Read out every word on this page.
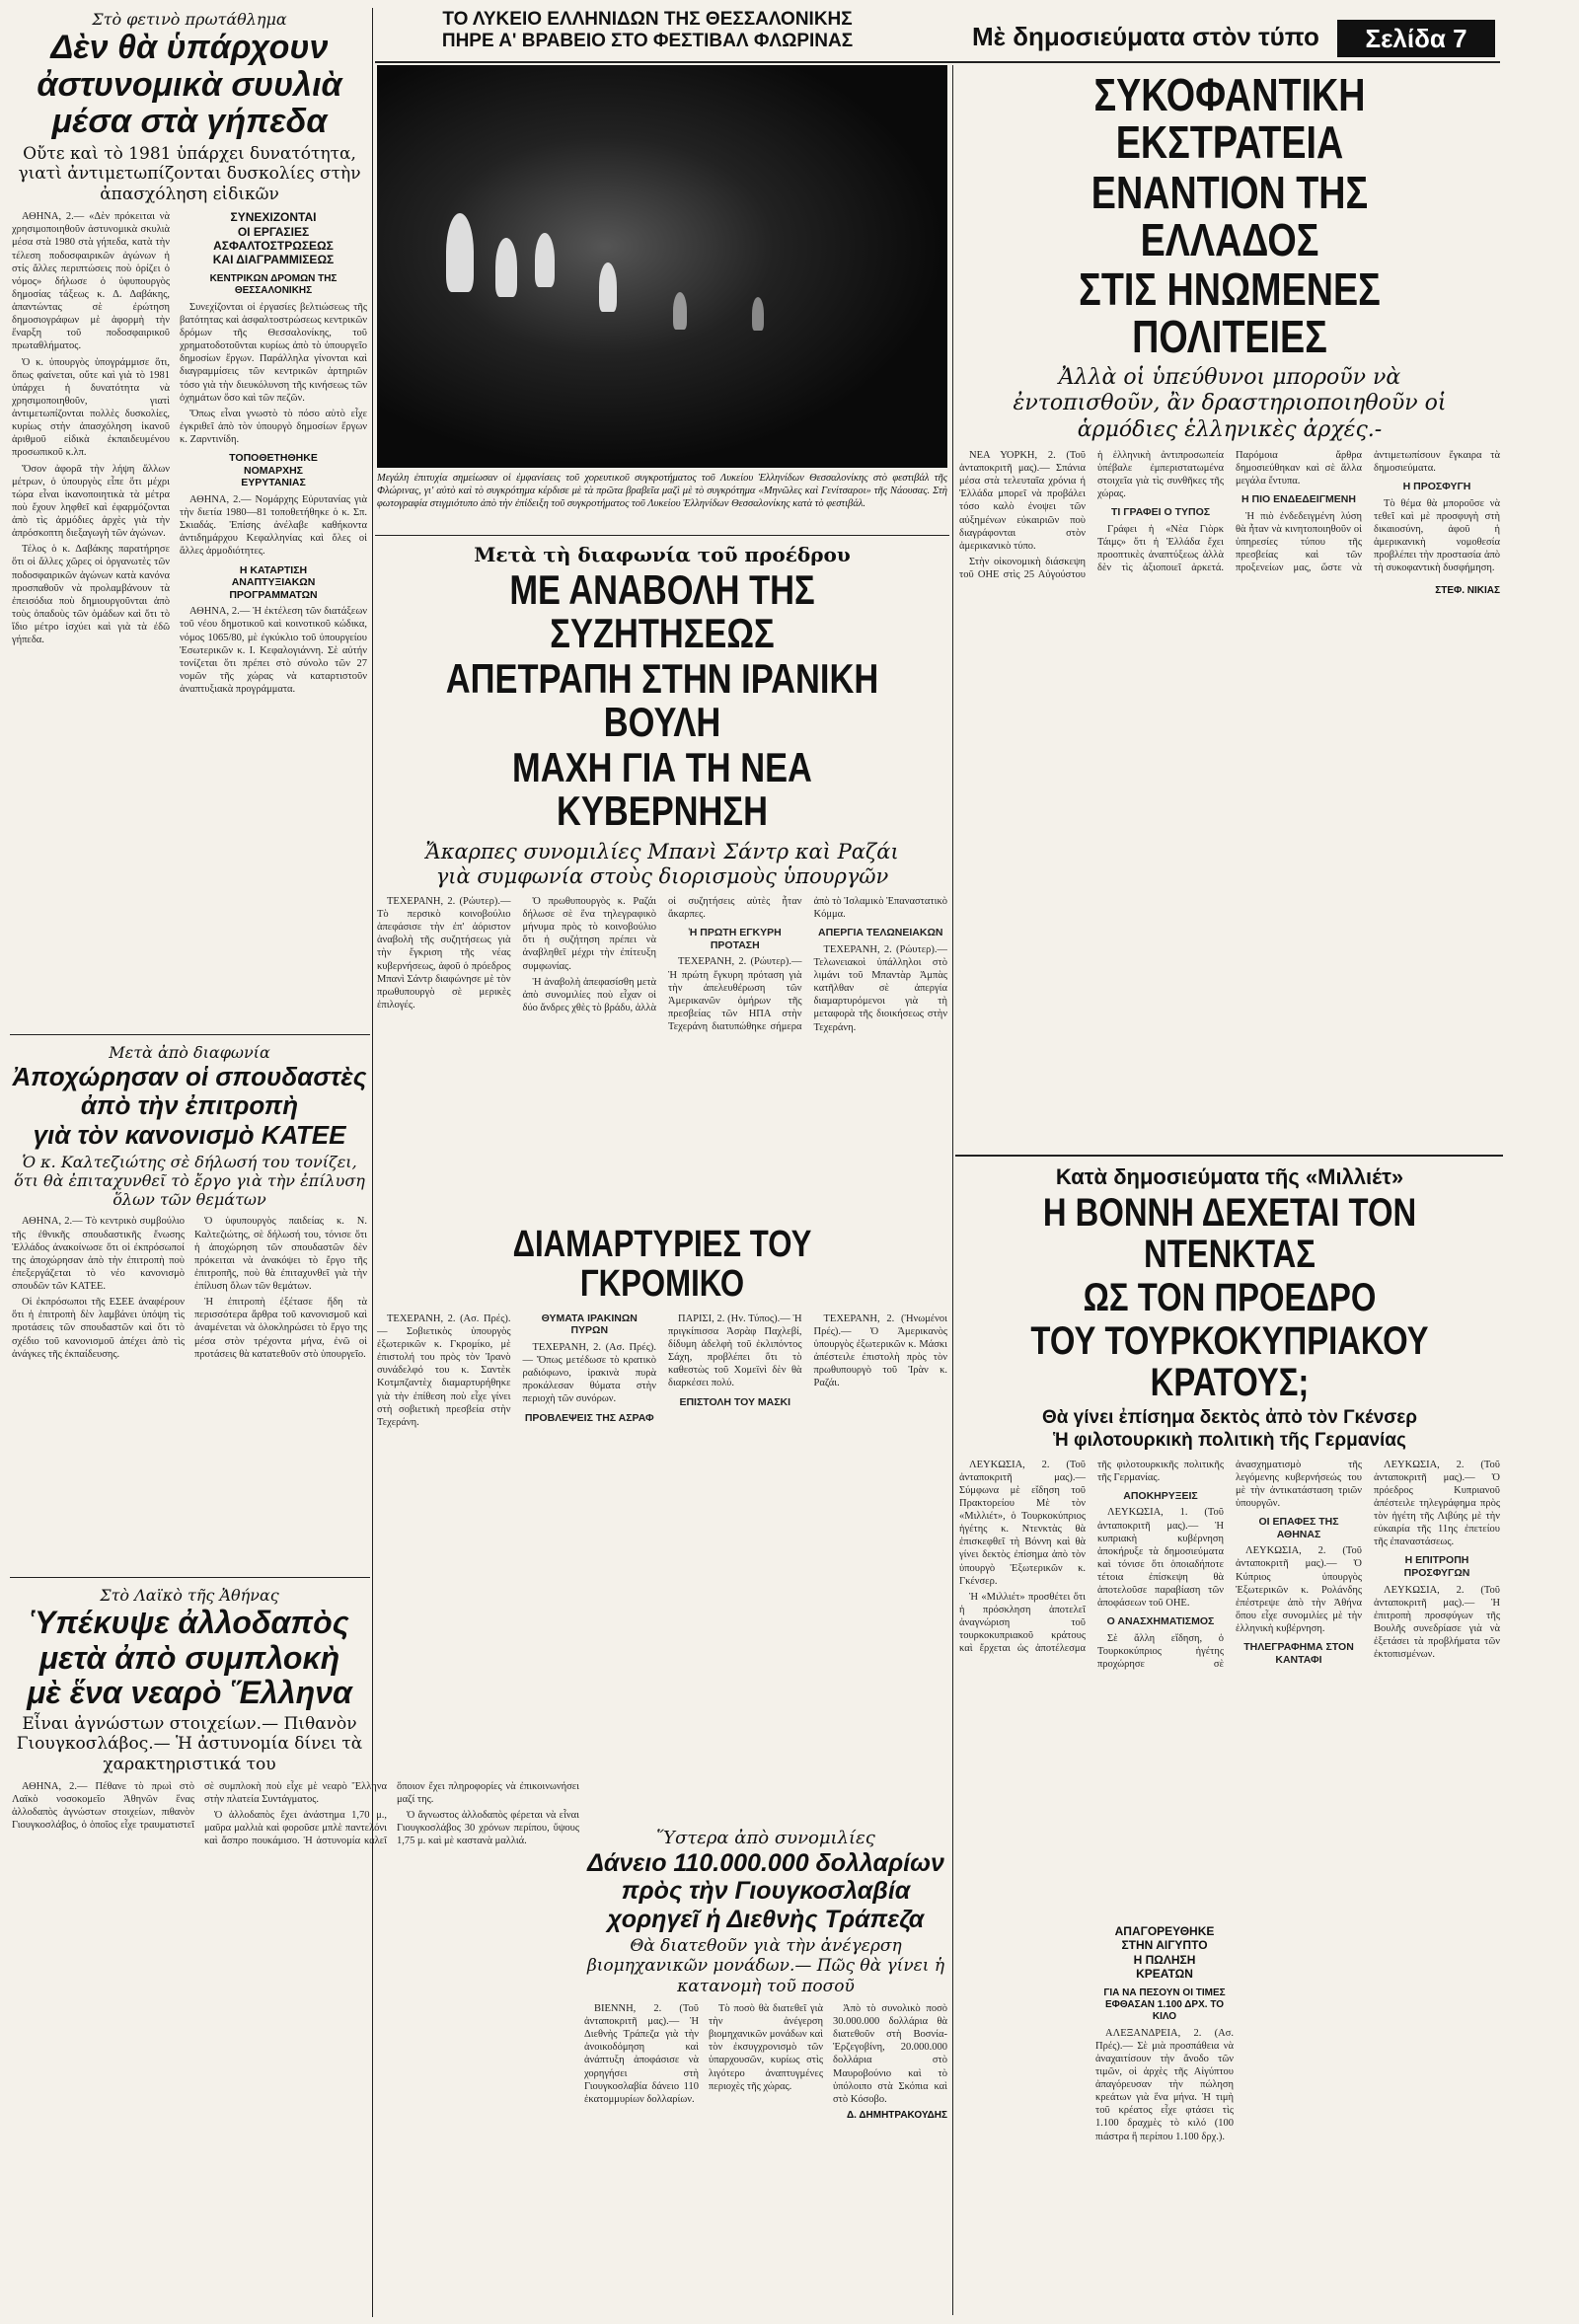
ΤΟ ΛΥΚΕΙΟ ΕΛΛΗΝΙΔΩΝ ΤΗΣ ΘΕΣΣΑΛΟΝΙΚΗΣ
ΠΗΡΕ Α' ΒΡΑΒΕΙΟ ΣΤΟ ΦΕΣΤΙΒΑΛ ΦΛΩΡΙΝΑΣ	Μὲ δημοσιεύματα στὸν τύπο	Σελίδα 7
Στὸ φετινὸ πρωτάθλημα
Δὲν θὰ ὑπάρχουν
ἀστυνομικὰ συυλιὰ
μέσα στὰ γήπεδα
Οὔτε καὶ τὸ 1981 ὑπάρχει δυνατότητα, γιατὶ ἀντιμετωπίζονται δυσκολίες στὴν ἀπασχόληση εἰδικῶν

ΑΘΗΝΑ, 2.— «Δὲν πρόκειται νὰ χρησιμοποιηθοῦν ἀστυνομικὰ σκυλιὰ μέσα στὰ 1980 στὰ γήπεδα, κατὰ τὴν τέλεση ποδοσφαιρικῶν ἀγώνων ἡ στίς ἄλλες περιπτώσεις ποὺ ὁρίζει ὁ νόμος» δήλωσε ὁ ὑφυπουργὸς δημοσίας τάξεως κ. Δ. Δαβάκης, ἀπαντώντας σὲ ἐρώτηση δημοσιογράφων μὲ ἀφορμὴ τὴν ἔναρξη τοῦ ποδοσφαιρικοῦ πρωταθλήματος.

Ὁ κ. ὑπουργὸς ὑπογράμμισε ὅτι, ὅπως φαίνεται, οὔτε καὶ γιὰ τὸ 1981 ὑπάρχει ἡ δυνατότητα νὰ χρησιμοποιηθοῦν, γιατὶ ἀντιμετωπίζονται πολλὲς δυσκολίες, κυρίως στὴν ἀπασχόληση ἱκανοῦ ἀριθμοῦ εἰδικὰ ἐκπαιδευμένου προσωπικοῦ κ.λπ.

Ὅσον ἀφορᾶ τὴν λήψη ἄλλων μέτρων, ὁ ὑπουργὸς εἶπε ὅτι μέχρι τώρα εἶναι ἱκανοποιητικὰ τὰ μέτρα ποὺ ἔχουν ληφθεῖ καὶ ἐφαρμόζονται ἀπὸ τὶς ἀρμόδιες ἀρχὲς γιὰ τὴν ἀπρόσκοπτη διεξαγωγὴ τῶν ἀγώνων.

Τέλος ὁ κ. Δαβάκης παρατήρησε ὅτι οἱ ἄλλες χῶρες οἱ ὀργανωτὲς τῶν ποδοσφαιρικῶν ἀγώνων κατὰ κανόνα προσπαθοῦν νὰ προλαμβάνουν τὰ ἐπεισόδια ποὺ δημιουργοῦνται ἀπὸ τοὺς ὀπαδοὺς τῶν ὁμάδων καὶ ὅτι τὸ ἴδιο μέτρο ἰσχύει καὶ γιὰ τὰ ἐδῶ γήπεδα.

ΣΥΝΕΧΙΖΟΝΤΑΙ
ΟΙ ΕΡΓΑΣΙΕΣ
ΑΣΦΑΛΤΟΣΤΡΩΣΕΩΣ
ΚΑΙ ΔΙΑΓΡΑΜΜΙΣΕΩΣ
ΚΕΝΤΡΙΚΩΝ ΔΡΟΜΩΝ ΤΗΣ ΘΕΣΣΑΛΟΝΙΚΗΣ

Συνεχίζονται οἱ ἐργασίες βελτιώσεως τῆς βατότητας καὶ ἀσφαλτοστρώσεως κεντρικῶν δρόμων τῆς Θεσσαλονίκης, τοῦ χρηματοδοτοῦνται κυρίως ἀπὸ τὸ ὑπουργεῖο δημοσίων ἔργων. Παράλληλα γίνονται καὶ διαγραμμίσεις τῶν κεντρικῶν ἀρτηριῶν τόσο γιὰ τὴν διευκόλυνση τῆς κινήσεως τῶν ὀχημάτων ὅσο καὶ τῶν πεζῶν.

Ὅπως εἶναι γνωστὸ τὸ πόσο αὐτὸ εἶχε ἐγκριθεῖ ἀπὸ τὸν ὑπουργὸ δημοσίων ἔργων κ. Ζαρντινίδη.

ΤΟΠΟΘΕΤΗΘΗΚΕ
ΝΟΜΑΡΧΗΣ
ΕΥΡΥΤΑΝΙΑΣ

ΑΘΗΝΑ, 2.— Νομάρχης Εὐρυτανίας γιὰ τὴν διετία 1980—81 τοποθετήθηκε ὁ κ. Σπ. Σκιαδάς. Ἐπίσης ἀνέλαβε καθήκοντα ἀντιδημάρχου Κεφαλληνίας καὶ ὅλες οἱ ἄλλες ἀρμοδιότητες.

Η ΚΑΤΑΡΤΙΣΗ
ΑΝΑΠΤΥΞΙΑΚΩΝ
ΠΡΟΓΡΑΜΜΑΤΩΝ

ΑΘΗΝΑ, 2.— Ἡ ἐκτέλεση τῶν διατάξεων τοῦ νέου δημοτικοῦ καὶ κοινοτικοῦ κώδικα, νόμος 1065/80, μὲ ἐγκύκλιο τοῦ ὑπουργείου Ἐσωτερικῶν κ. Ι. Κεφαλογιάννη. Σὲ αὐτήν τονίζεται ὅτι πρέπει στὸ σύνολο τῶν 27 νομῶν τῆς χώρας νὰ καταρτιστοῦν ἀναπτυξιακὰ προγράμματα.

Μετὰ ἀπὸ διαφωνία
Ἀποχώρησαν οἱ σπουδαστὲς
ἀπὸ τὴν ἐπιτροπὴ
γιὰ τὸν κανονισμὸ ΚΑΤΕΕ
Ὁ κ. Καλτεζιώτης σὲ δήλωσή του τονίζει, ὅτι θὰ ἐπιταχυνθεῖ τὸ ἔργο γιὰ τὴν ἐπίλυση ὅλων τῶν θεμάτων

ΑΘΗΝΑ, 2.— Τὸ κεντρικὸ συμβούλιο τῆς ἐθνικῆς σπουδαστικῆς ἕνωσης Ἑλλάδος ἀνακοίνωσε ὅτι οἱ ἐκπρόσωποί της ἀποχώρησαν ἀπὸ τὴν ἐπιτροπὴ ποὺ ἐπεξεργάζεται τὸ νέο κανονισμὸ σπουδῶν τῶν ΚΑΤΕΕ.

Οἱ ἐκπρόσωποι τῆς ΕΣΕΕ ἀναφέρουν ὅτι ἡ ἐπιτροπὴ δὲν λαμβάνει ὑπόψη τὶς προτάσεις τῶν σπουδαστῶν καὶ ὅτι τὸ σχέδιο τοῦ κανονισμοῦ ἀπέχει ἀπὸ τὶς ἀνάγκες τῆς ἐκπαίδευσης.

Ὁ ὑφυπουργὸς παιδείας κ. Ν. Καλτεζιώτης, σὲ δήλωσή του, τόνισε ὅτι ἡ ἀποχώρηση τῶν σπουδαστῶν δὲν πρόκειται νὰ ἀνακόψει τὸ ἔργο τῆς ἐπιτροπῆς, ποὺ θὰ ἐπιταχυνθεῖ γιὰ τὴν ἐπίλυση ὅλων τῶν θεμάτων.

Ἡ ἐπιτροπὴ ἐξέτασε ἤδη τὰ περισσότερα ἄρθρα τοῦ κανονισμοῦ καὶ ἀναμένεται νὰ ὁλοκληρώσει τὸ ἔργο της μέσα στὸν τρέχοντα μήνα, ἐνῶ οἱ προτάσεις θὰ κατατεθοῦν στὸ ὑπουργεῖο.

Στὸ Λαϊκὸ τῆς Ἀθήνας
Ὑπέκυψε ἀλλοδαπὸς
μετὰ ἀπὸ συμπλοκὴ
μὲ ἕνα νεαρὸ Ἕλληνα
Εἶναι ἀγνώστων στοιχείων.— Πιθανὸν Γιουγκοσλάβος.— Ἡ ἀστυνομία δίνει τὰ χαρακτηριστικά του

ΑΘΗΝΑ, 2.— Πέθανε τὸ πρωὶ στὸ Λαϊκὸ νοσοκομεῖο Ἀθηνῶν ἕνας ἀλλοδαπὸς ἀγνώστων στοιχείων, πιθανὸν Γιουγκοσλάβος, ὁ ὁποῖος εἶχε τραυματιστεῖ σὲ συμπλοκὴ ποὺ εἶχε μὲ νεαρὸ Ἕλληνα στὴν πλατεία Συντάγματος.

Ὁ ἀλλοδαπὸς ἔχει ἀνάστημα 1,70 μ., μαῦρα μαλλιὰ καὶ φοροῦσε μπλὲ παντελόνι καὶ ἄσπρο πουκάμισο. Ἡ ἀστυνομία καλεῖ ὅποιον ἔχει πληροφορίες νὰ ἐπικοινωνήσει μαζί της.

Ὁ ἄγνωστος ἀλλοδαπὸς φέρεται νὰ εἶναι Γιουγκοσλάβος 30 χρόνων περίπου, ὕψους 1,75 μ. καὶ μὲ καστανὰ μαλλιά.

Μεγάλη ἐπιτυχία σημείωσαν οἱ ἐμφανίσεις τοῦ χορευτικοῦ συγκροτήματος τοῦ Λυκείου Ἑλληνίδων Θεσσαλονίκης στὸ φεστιβάλ τῆς Φλώρινας, γι' αὐτὸ καὶ τὸ συγκρότημα κέρδισε μὲ τὰ πρῶτα βραβεῖα μαζὶ μὲ τὸ συγκρότημα «Μηνῶλες καὶ Γενίτσαροι» τῆς Νάουσας. Στὴ φωτογραφία στιγμιότυπο ἀπὸ τὴν ἐπίδειξη τοῦ συγκροτήματος τοῦ Λυκείου Ἑλληνίδων Θεσσαλονίκης κατὰ τὸ φεστιβάλ.
Μετὰ τὴ διαφωνία τοῦ προέδρου
ΜΕ ΑΝΑΒΟΛΗ ΤΗΣ ΣΥΖΗΤΗΣΕΩΣ
ΑΠΕΤΡΑΠΗ ΣΤΗΝ ΙΡΑΝΙΚΗ ΒΟΥΛΗ
ΜΑΧΗ ΓΙΑ ΤΗ ΝΕΑ ΚΥΒΕΡΝΗΣΗ
Ἄκαρπες συνομιλίες Μπανὶ Σάντρ καὶ Ραζάι
γιὰ συμφωνία στοὺς διορισμοὺς ὑπουργῶν

ΤΕΧΕΡΑΝΗ, 2. (Ρώυτερ).— Τὸ περσικὸ κοινοβούλιο ἀπεφάσισε τὴν ἐπ' ἀόριστον ἀναβολὴ τῆς συζητήσεως γιὰ τὴν ἔγκριση τῆς νέας κυβερνήσεως, ἀφοῦ ὁ πρόεδρος Μπανὶ Σάντρ διαφώνησε μὲ τὸν πρωθυπουργὸ σὲ μερικὲς ἐπιλογές.

Ὁ πρωθυπουργὸς κ. Ραζάι δήλωσε σὲ ἕνα τηλεγραφικὸ μήνυμα πρὸς τὸ κοινοβούλιο ὅτι ἡ συζήτηση πρέπει νὰ ἀναβληθεῖ μέχρι τὴν ἐπίτευξη συμφωνίας.

Ἡ ἀναβολὴ ἀπεφασίσθη μετὰ ἀπὸ συνομιλίες ποὺ εἶχαν οἱ δύο ἄνδρες χθὲς τὸ βράδυ, ἀλλὰ οἱ συζητήσεις αὐτὲς ἦταν ἄκαρπες.

Ἡ ΠΡΩΤΗ ΕΓΚΥΡΗ ΠΡΟΤΑΣΗ

ΤΕΧΕΡΑΝΗ, 2. (Ρώυτερ).— Ἡ πρώτη ἔγκυρη πρόταση γιὰ τὴν ἀπελευθέρωση τῶν Ἀμερικανῶν ὁμήρων τῆς πρεσβείας τῶν ΗΠΑ στὴν Τεχεράνη διατυπώθηκε σήμερα ἀπὸ τὸ Ἰσλαμικὸ Ἐπαναστατικὸ Κόμμα.

ΑΠΕΡΓΙΑ ΤΕΛΩΝΕΙΑΚΩΝ

ΤΕΧΕΡΑΝΗ, 2. (Ρώυτερ).— Τελωνειακοὶ ὑπάλληλοι στὸ λιμάνι τοῦ Μπαντὰρ Ἀμπὰς κατῆλθαν σὲ ἀπεργία διαμαρτυρόμενοι γιὰ τὴ μεταφορὰ τῆς διοικήσεως στὴν Τεχεράνη.

ΔΙΑΜΑΡΤΥΡΙΕΣ ΤΟΥ ΓΚΡΟΜΙΚΟ

ΤΕΧΕΡΑΝΗ, 2. (Ασ. Πρές).— Σοβιετικὸς ὑπουργὸς ἐξωτερικῶν κ. Γκρομίκο, μὲ ἐπιστολή του πρὸς τὸν Ἰρανὸ συνάδελφό του κ. Σαντὲκ Κοτμπζαντὲχ διαμαρτυρήθηκε γιὰ τὴν ἐπίθεση ποὺ εἶχε γίνει στὴ σοβιετικὴ πρεσβεία στὴν Τεχεράνη.

ΘΥΜΑΤΑ ΙΡΑΚΙΝΩΝ ΠΥΡΩΝ

ΤΕΧΕΡΑΝΗ, 2. (Ασ. Πρές).— Ὅπως μετέδωσε τὸ κρατικὸ ραδιόφωνο, ἰρακινὰ πυρὰ προκάλεσαν θύματα στὴν περιοχὴ τῶν συνόρων.

ΠΡΟΒΛΕΨΕΙΣ ΤΗΣ ΑΣΡΑΦ

ΠΑΡΙΣΙ, 2. (Ην. Τύπος).— Ἡ πριγκίπισσα Ἀσρὰφ Παχλεβί, δίδυμη ἀδελφὴ τοῦ ἐκλιπόντος Σάχη, προβλέπει ὅτι τὸ καθεστὼς τοῦ Χομεϊνὶ δὲν θὰ διαρκέσει πολύ.

ΕΠΙΣΤΟΛΗ ΤΟΥ ΜΑΣΚΙ

ΤΕΧΕΡΑΝΗ, 2. (Ἠνωμένοι Πρές).— Ὁ Ἀμερικανὸς ὑπουργὸς ἐξωτερικῶν κ. Μάσκι ἀπέστειλε ἐπιστολὴ πρὸς τὸν πρωθυπουργὸ τοῦ Ἰρὰν κ. Ραζάι.

Ὕστερα ἀπὸ συνομιλίες
Δάνειο 110.000.000 δολλαρίων
πρὸς τὴν Γιουγκοσλαβία
χορηγεῖ ἡ Διεθνὴς Τράπεζα
Θὰ διατεθοῦν γιὰ τὴν ἀνέγερση βιομηχανικῶν μονάδων.— Πῶς θὰ γίνει ἡ κατανομὴ τοῦ ποσοῦ

ΒΙΕΝΝΗ, 2. (Τοῦ ἀνταποκριτῆ μας).— Ἡ Διεθνὴς Τράπεζα γιὰ τὴν ἀνοικοδόμηση καὶ ἀνάπτυξη ἀποφάσισε νὰ χορηγήσει στὴ Γιουγκοσλαβία δάνειο 110 ἑκατομμυρίων δολλαρίων.

Τὸ ποσὸ θὰ διατεθεῖ γιὰ τὴν ἀνέγερση βιομηχανικῶν μονάδων καὶ τὸν ἐκσυγχρονισμὸ τῶν ὑπαρχουσῶν, κυρίως στὶς λιγότερο ἀναπτυγμένες περιοχὲς τῆς χώρας.

Ἀπὸ τὸ συνολικὸ ποσὸ 30.000.000 δολλάρια θὰ διατεθοῦν στὴ Βοσνία-Ἐρζεγοβίνη, 20.000.000 δολλάρια στὸ Μαυροβούνιο καὶ τὸ ὑπόλοιπο στὰ Σκόπια καὶ στὸ Κόσοβο.

Δ. ΔΗΜΗΤΡΑΚΟΥΔΗΣ
ΣΥΚΟΦΑΝΤΙΚΗ ΕΚΣΤΡΑΤΕΙΑ
ΕΝΑΝΤΙΟΝ ΤΗΣ ΕΛΛΑΔΟΣ
ΣΤΙΣ ΗΝΩΜΕΝΕΣ ΠΟΛΙΤΕΙΕΣ
Ἀλλὰ οἱ ὑπεύθυνοι μποροῦν νὰ ἐντοπισθοῦν, ἂν δραστηριοποιηθοῦν οἱ ἁρμόδιες ἑλληνικὲς ἀρχές.-

ΝΕΑ ΥΟΡΚΗ, 2. (Τοῦ ἀνταποκριτῆ μας).— Σπάνια μέσα στὰ τελευταῖα χρόνια ἡ Ἑλλάδα μπορεῖ νὰ προβάλει τόσο καλὸ ἐνοψει τῶν αὐξημένων εὐκαιριῶν ποὺ διαγράφονται στὸν ἀμερικανικὸ τύπο.

Στὴν οἰκονομικὴ διάσκεψη τοῦ ΟΗΕ στὶς 25 Αὐγούστου ἡ ἑλληνικὴ ἀντιπροσωπεία ὑπέβαλε ἐμπεριστατωμένα στοιχεῖα γιὰ τὶς συνθῆκες τῆς χώρας.

ΤΙ ΓΡΑΦΕΙ Ο ΤΥΠΟΣ

Γράφει ἡ «Νὲα Γιὸρκ Τάιμς» ὅτι ἡ Ἑλλάδα ἔχει προοπτικὲς ἀναπτύξεως ἀλλὰ δὲν τὶς ἀξιοποιεῖ ἀρκετά. Παρόμοια ἄρθρα δημοσιεύθηκαν καὶ σὲ ἄλλα μεγάλα ἔντυπα.

Η ΠΙΟ ΕΝΔΕΔΕΙΓΜΕΝΗ

Ἡ πιὸ ἐνδεδειγμένη λύση θὰ ἦταν νὰ κινητοποιηθοῦν οἱ ὑπηρεσίες τύπου τῆς πρεσβείας καὶ τῶν προξενείων μας, ὥστε νὰ ἀντιμετωπίσουν ἔγκαιρα τὰ δημοσιεύματα.

Η ΠΡΟΣΦΥΓΗ

Τὸ θέμα θὰ μποροῦσε νὰ τεθεῖ καὶ μὲ προσφυγὴ στὴ δικαιοσύνη, ἀφοῦ ἡ ἀμερικανικὴ νομοθεσία προβλέπει τὴν προστασία ἀπὸ τὴ συκοφαντικὴ δυσφήμηση.

ΣΤΕΦ. ΝΙΚΙΑΣ
Κατὰ δημοσιεύματα τῆς «Μιλλιέτ»
Η ΒΟΝΝΗ ΔΕΧΕΤΑΙ ΤΟΝ ΝΤΕΝΚΤΑΣ
ΩΣ ΤΟΝ ΠΡΟΕΔΡΟ
ΤΟΥ ΤΟΥΡΚΟΚΥΠΡΙΑΚΟΥ ΚΡΑΤΟΥΣ;
Θὰ γίνει ἐπίσημα δεκτὸς ἀπὸ τὸν Γκένσερ
Ἡ φιλοτουρκικὴ πολιτικὴ τῆς Γερμανίας

ΛΕΥΚΩΣΙΑ, 2. (Τοῦ ἀνταποκριτῆ μας).— Σύμφωνα μὲ εἴδηση τοῦ Πρακτορείου Μὲ τὸν «Μιλλιέτ», ὁ Τουρκοκύπριος ἡγέτης κ. Ντενκτὰς θὰ ἐπισκεφθεῖ τὴ Βόννη καὶ θὰ γίνει δεκτὸς ἐπίσημα ἀπὸ τὸν ὑπουργὸ Ἐξωτερικῶν κ. Γκένσερ.

Ἡ «Μιλλιέτ» προσθέτει ὅτι ἡ πρόσκληση ἀποτελεῖ ἀναγνώριση τοῦ τουρκοκυπριακοῦ κράτους καὶ ἔρχεται ὡς ἀποτέλεσμα τῆς φιλοτουρκικῆς πολιτικῆς τῆς Γερμανίας.

ΑΠΟΚΗΡΥΞΕΙΣ

ΛΕΥΚΩΣΙΑ, 1. (Τοῦ ἀνταποκριτῆ μας).— Ἡ κυπριακὴ κυβέρνηση ἀποκήρυξε τὰ δημοσιεύματα καὶ τόνισε ὅτι ὁποιαδήποτε τέτοια ἐπίσκεψη θὰ ἀποτελοῦσε παραβίαση τῶν ἀποφάσεων τοῦ ΟΗΕ.

Ο ΑΝΑΣΧΗΜΑΤΙΣΜΟΣ

Σὲ ἄλλη εἴδηση, ὁ Τουρκοκύπριος ἡγέτης προχώρησε σὲ ἀνασχηματισμὸ τῆς λεγόμενης κυβερνήσεώς του μὲ τὴν ἀντικατάσταση τριῶν ὑπουργῶν.

ΟΙ ΕΠΑΦΕΣ ΤΗΣ ΑΘΗΝΑΣ

ΛΕΥΚΩΣΙΑ, 2. (Τοῦ ἀνταποκριτῆ μας).— Ὁ Κύπριος ὑπουργὸς Ἐξωτερικῶν κ. Ρολάνδης ἐπέστρεψε ἀπὸ τὴν Ἀθήνα ὅπου εἶχε συνομιλίες μὲ τὴν ἑλληνικὴ κυβέρνηση.

ΤΗΛΕΓΡΑΦΗΜΑ ΣΤΟΝ ΚΑΝΤΑΦΙ

ΛΕΥΚΩΣΙΑ, 2. (Τοῦ ἀνταποκριτῆ μας).— Ὁ πρόεδρος Κυπριανοῦ ἀπέστειλε τηλεγράφημα πρὸς τὸν ἡγέτη τῆς Λιβύης μὲ τὴν εὐκαιρία τῆς 11ης ἐπετείου τῆς ἐπαναστάσεως.

Η ΕΠΙΤΡΟΠΗ ΠΡΟΣΦΥΓΩΝ

ΛΕΥΚΩΣΙΑ, 2. (Τοῦ ἀνταποκριτῆ μας).— Ἡ ἐπιτροπὴ προσφύγων τῆς Βουλῆς συνεδρίασε γιὰ νὰ ἐξετάσει τὰ προβλήματα τῶν ἐκτοπισμένων.

ΑΠΑΓΟΡΕΥΘΗΚΕ
ΣΤΗΝ ΑΙΓΥΠΤΟ
Η ΠΩΛΗΣΗ
ΚΡΕΑΤΩΝ
ΓΙΑ ΝΑ ΠΕΣΟΥΝ ΟΙ ΤΙΜΕΣ ΕΦΘΑΣΑΝ 1.100 ΔΡΧ. ΤΟ ΚΙΛΟ

ΑΛΕΞΑΝΔΡΕΙΑ, 2. (Ασ. Πρές).— Σὲ μιὰ προσπάθεια νὰ ἀναχαιτίσουν τὴν ἄνοδο τῶν τιμῶν, οἱ ἀρχὲς τῆς Αἰγύπτου ἀπαγόρευσαν τὴν πώληση κρεάτων γιὰ ἕνα μήνα. Ἡ τιμὴ τοῦ κρέατος εἶχε φτάσει τὶς 1.100 δραχμὲς τὸ κιλό (100 πιάστρα ἢ περίπου 1.100 δρχ.).
